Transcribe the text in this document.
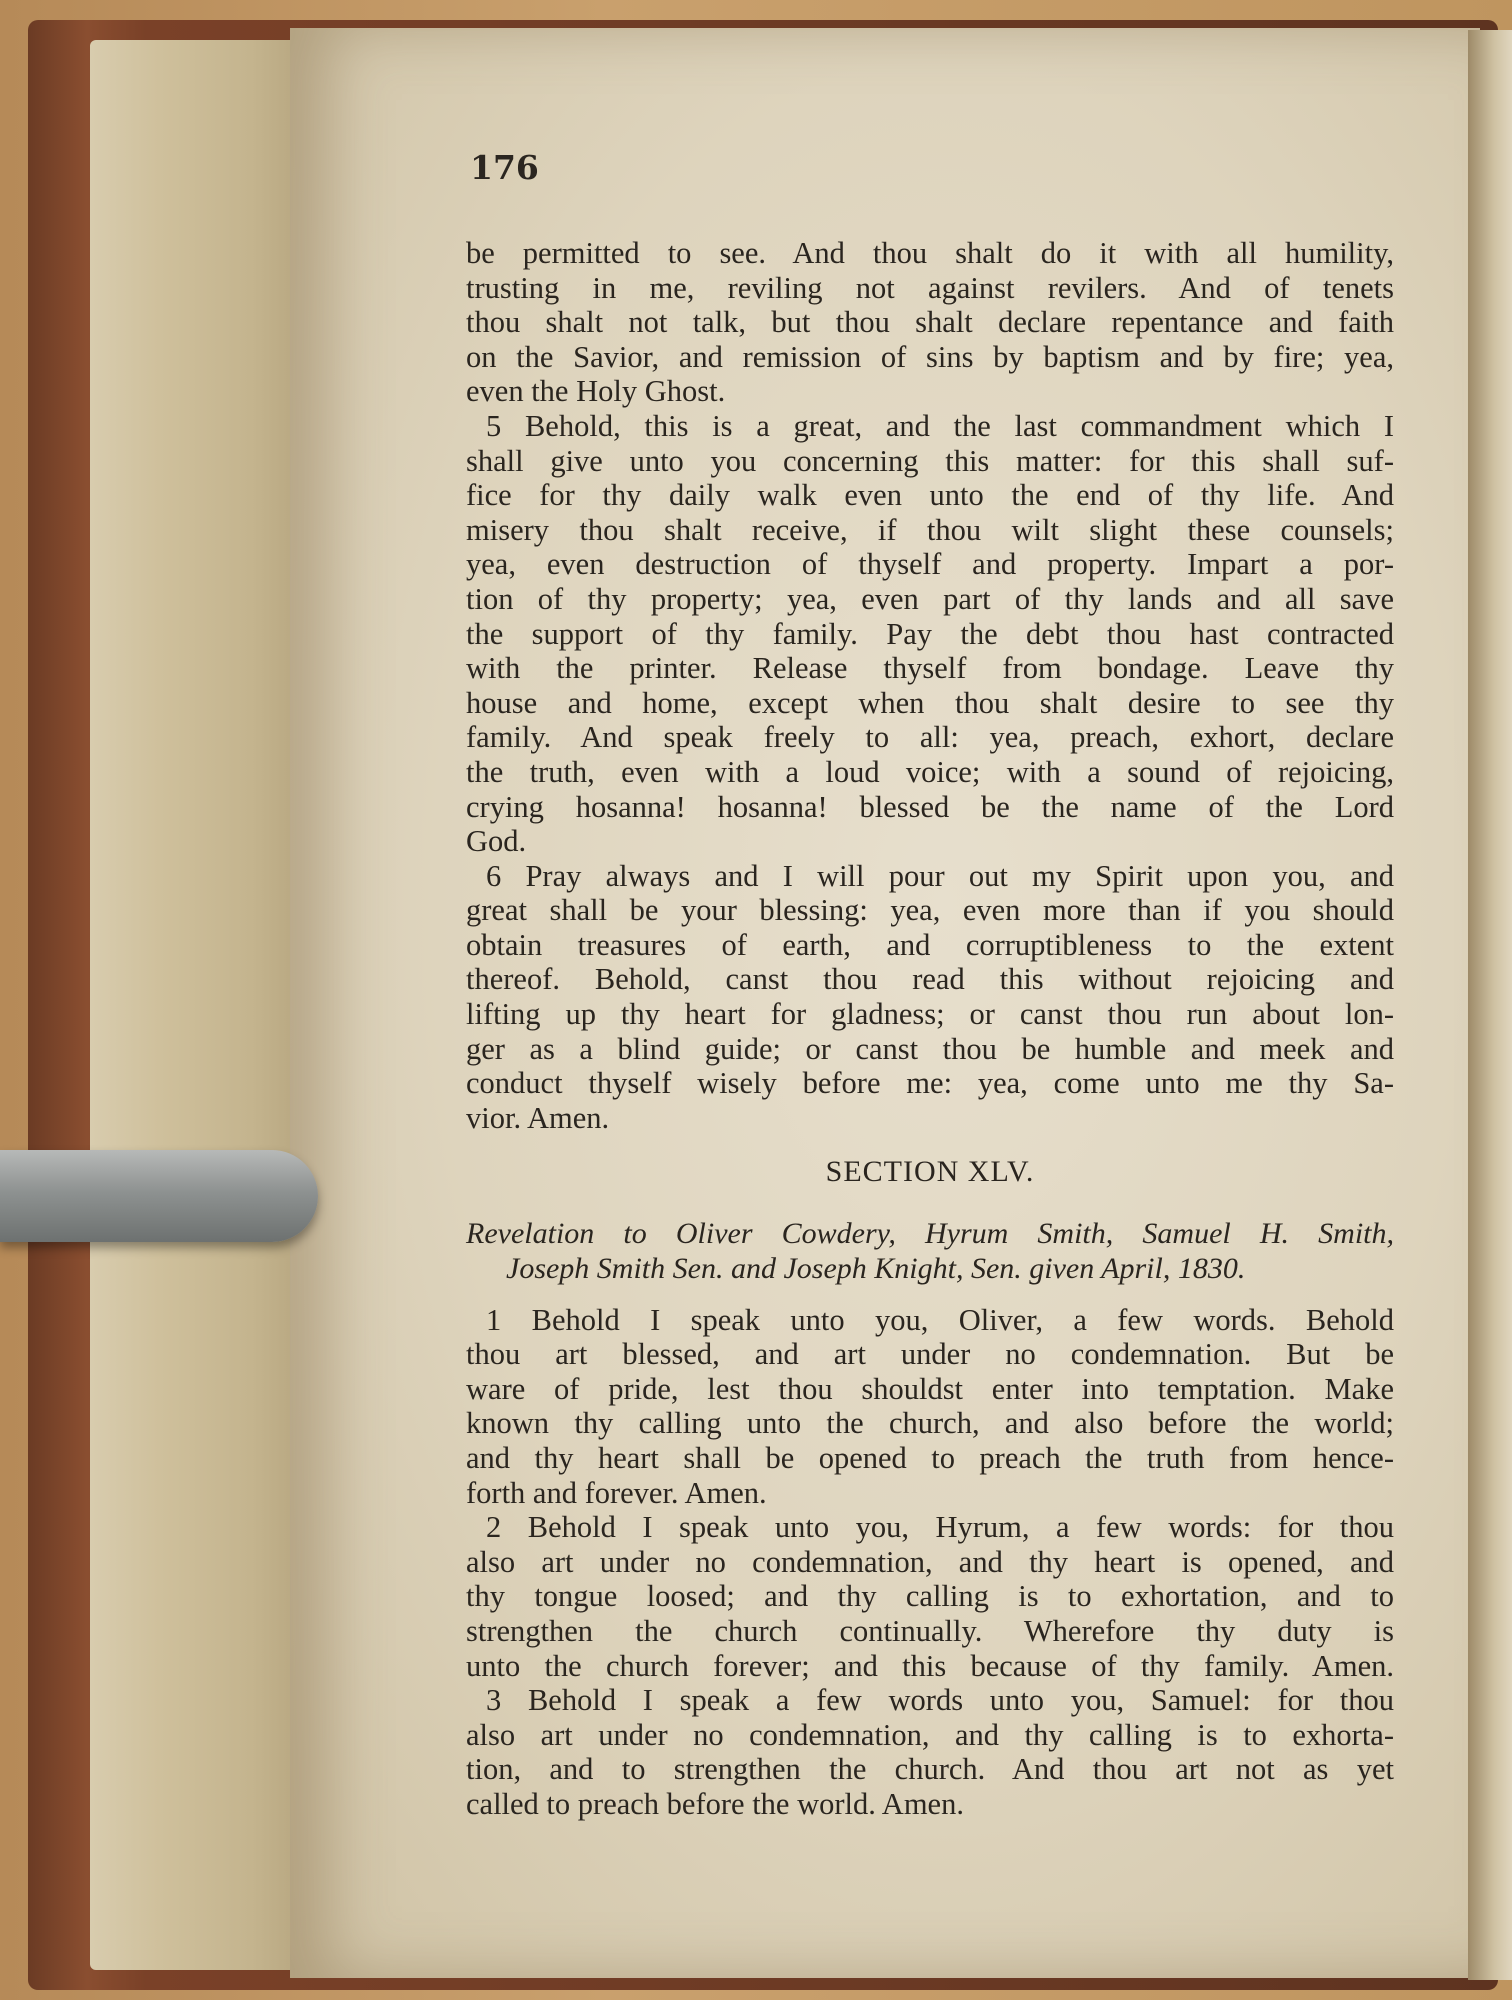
176
be permitted to see. And thou shalt do it with all humility,
trusting in me, reviling not against revilers. And of tenets
thou shalt not talk, but thou shalt declare repentance and faith
on the Savior, and remission of sins by baptism and by fire; yea,
even the Holy Ghost.
5 Behold, this is a great, and the last commandment which I
shall give unto you concerning this matter: for this shall suf-
fice for thy daily walk even unto the end of thy life. And
misery thou shalt receive, if thou wilt slight these counsels;
yea, even destruction of thyself and property. Impart a por-
tion of thy property; yea, even part of thy lands and all save
the support of thy family. Pay the debt thou hast contracted
with the printer. Release thyself from bondage. Leave thy
house and home, except when thou shalt desire to see thy
family. And speak freely to all: yea, preach, exhort, declare
the truth, even with a loud voice; with a sound of rejoicing,
crying hosanna! hosanna! blessed be the name of the Lord
God.
6 Pray always and I will pour out my Spirit upon you, and
great shall be your blessing: yea, even more than if you should
obtain treasures of earth, and corruptibleness to the extent
thereof. Behold, canst thou read this without rejoicing and
lifting up thy heart for gladness; or canst thou run about lon-
ger as a blind guide; or canst thou be humble and meek and
conduct thyself wisely before me: yea, come unto me thy Sa-
vior. Amen.
SECTION XLV.
Revelation to Oliver Cowdery, Hyrum Smith, Samuel H. Smith,
Joseph Smith Sen. and Joseph Knight, Sen. given April, 1830.
1 Behold I speak unto you, Oliver, a few words. Behold
thou art blessed, and art under no condemnation. But be
ware of pride, lest thou shouldst enter into temptation. Make
known thy calling unto the church, and also before the world;
and thy heart shall be opened to preach the truth from hence-
forth and forever. Amen.
2 Behold I speak unto you, Hyrum, a few words: for thou
also art under no condemnation, and thy heart is opened, and
thy tongue loosed; and thy calling is to exhortation, and to
strengthen the church continually. Wherefore thy duty is
unto the church forever; and this because of thy family. Amen.
3 Behold I speak a few words unto you, Samuel: for thou
also art under no condemnation, and thy calling is to exhorta-
tion, and to strengthen the church. And thou art not as yet
called to preach before the world. Amen.
